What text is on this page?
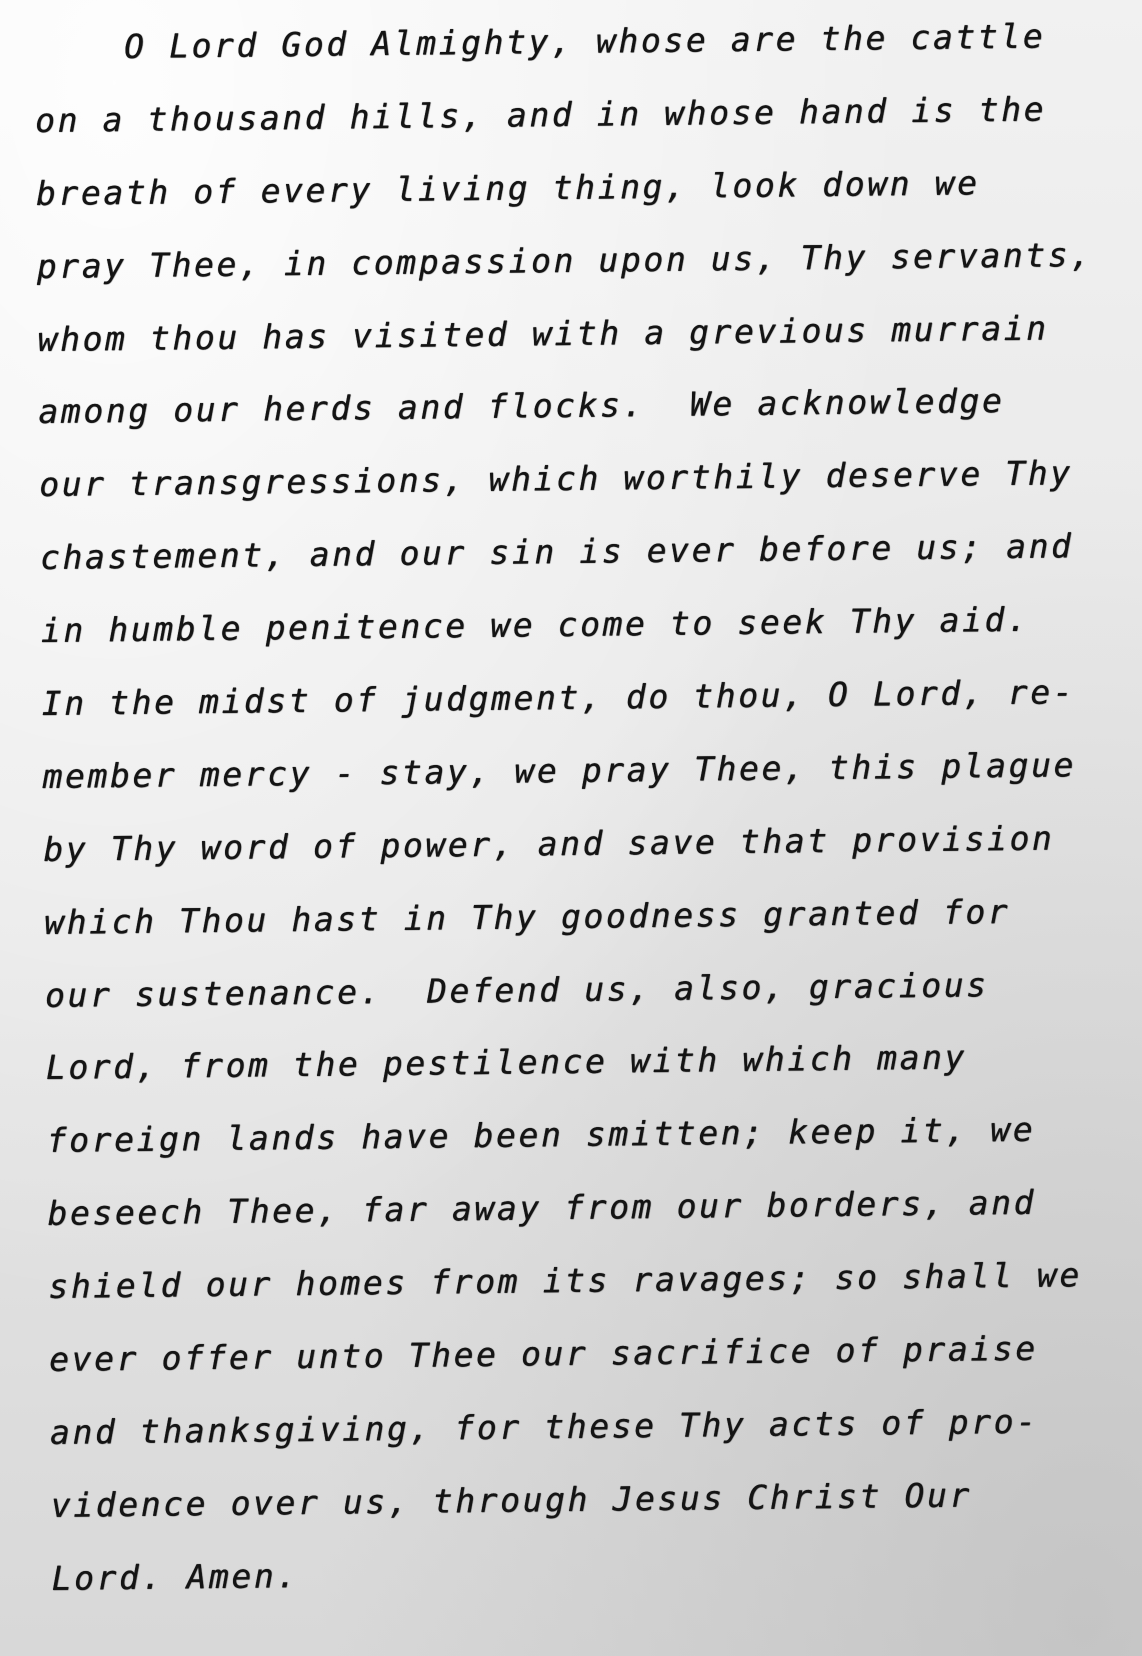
O Lord God Almighty, whose are the cattle
on a thousand hills, and in whose hand is the
breath of every living thing, look down we
pray Thee, in compassion upon us, Thy servants,
whom thou has visited with a grevious murrain
among our herds and flocks.  We acknowledge
our transgressions, which worthily deserve Thy
chastement, and our sin is ever before us; and
in humble penitence we come to seek Thy aid.
In the midst of judgment, do thou, O Lord, re-
member mercy - stay, we pray Thee, this plague
by Thy word of power, and save that provision
which Thou hast in Thy goodness granted for
our sustenance.  Defend us, also, gracious
Lord, from the pestilence with which many
foreign lands have been smitten; keep it, we
beseech Thee, far away from our borders, and
shield our homes from its ravages; so shall we
ever offer unto Thee our sacrifice of praise
and thanksgiving, for these Thy acts of pro-
vidence over us, through Jesus Christ Our
Lord. Amen.
